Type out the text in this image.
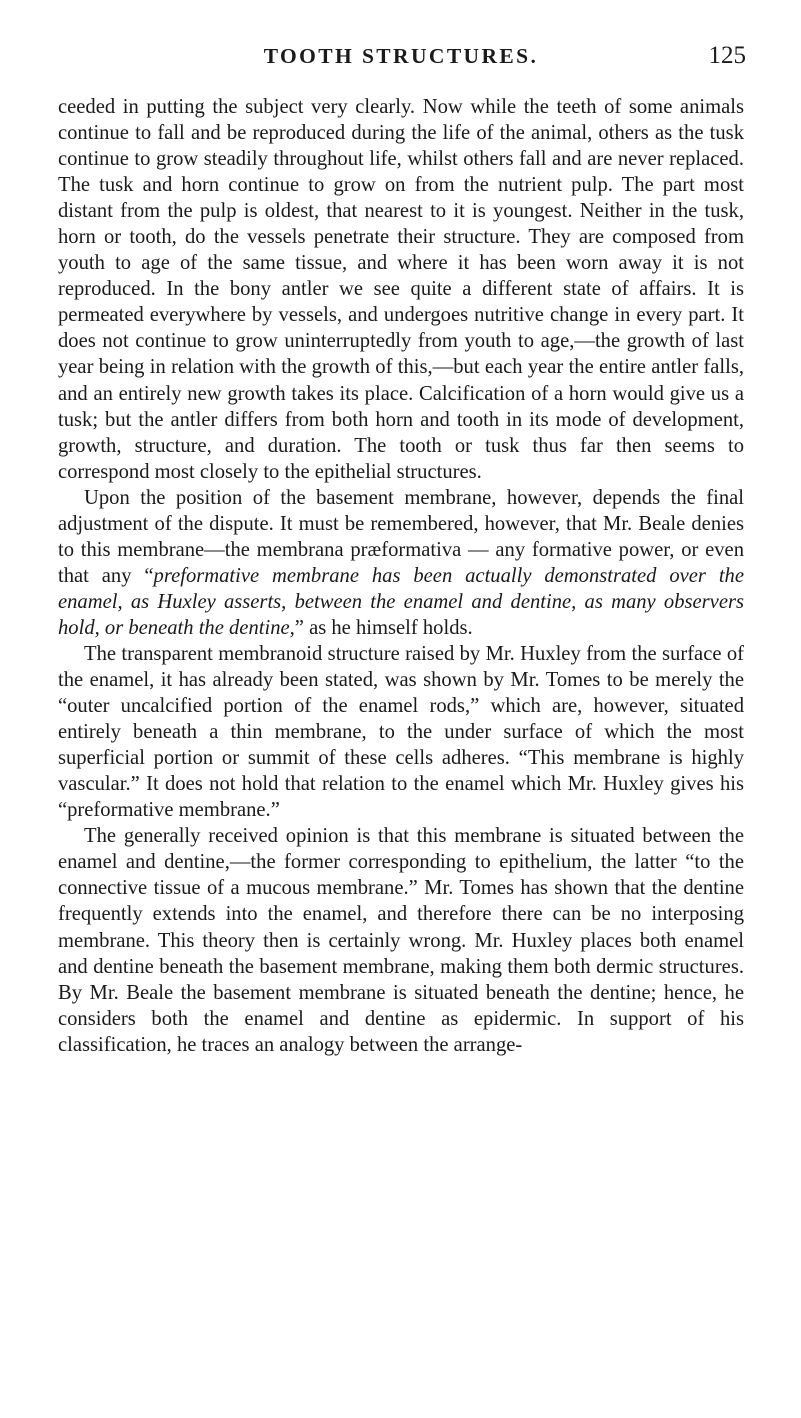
TOOTH STRUCTURES.	125

ceeded in putting the subject very clearly. Now while the teeth of some animals continue to fall and be reproduced during the life of the animal, others as the tusk continue to grow steadily throughout life, whilst others fall and are never replaced. The tusk and horn continue to grow on from the nutrient pulp. The part most distant from the pulp is oldest, that nearest to it is youngest. Neither in the tusk, horn or tooth, do the vessels penetrate their structure. They are composed from youth to age of the same tissue, and where it has been worn away it is not reproduced. In the bony antler we see quite a different state of affairs. It is permeated everywhere by vessels, and undergoes nutritive change in every part. It does not continue to grow uninterruptedly from youth to age,—the growth of last year being in relation with the growth of this,—but each year the entire antler falls, and an entirely new growth takes its place. Calcification of a horn would give us a tusk; but the antler differs from both horn and tooth in its mode of development, growth, structure, and duration. The tooth or tusk thus far then seems to correspond most closely to the epithelial structures.

Upon the position of the basement membrane, however, depends the final adjustment of the dispute. It must be remembered, however, that Mr. Beale denies to this membrane—the membrana præformativa — any formative power, or even that any “preformative membrane has been actually demonstrated over the enamel, as Huxley asserts, between the enamel and dentine, as many observers hold, or beneath the dentine,” as he himself holds.

The transparent membranoid structure raised by Mr. Huxley from the surface of the enamel, it has already been stated, was shown by Mr. Tomes to be merely the “outer uncalcified portion of the enamel rods,” which are, however, situated entirely beneath a thin membrane, to the under surface of which the most superficial portion or summit of these cells adheres. “This membrane is highly vascular.” It does not hold that relation to the enamel which Mr. Huxley gives his “preformative membrane.”

The generally received opinion is that this membrane is situated between the enamel and dentine,—the former corresponding to epithelium, the latter “to the connective tissue of a mucous membrane.” Mr. Tomes has shown that the dentine frequently extends into the enamel, and therefore there can be no interposing membrane. This theory then is certainly wrong. Mr. Huxley places both enamel and dentine beneath the basement membrane, making them both dermic structures. By Mr. Beale the basement membrane is situated beneath the dentine; hence, he considers both the enamel and dentine as epidermic. In support of his classification, he traces an analogy between the arrange-
